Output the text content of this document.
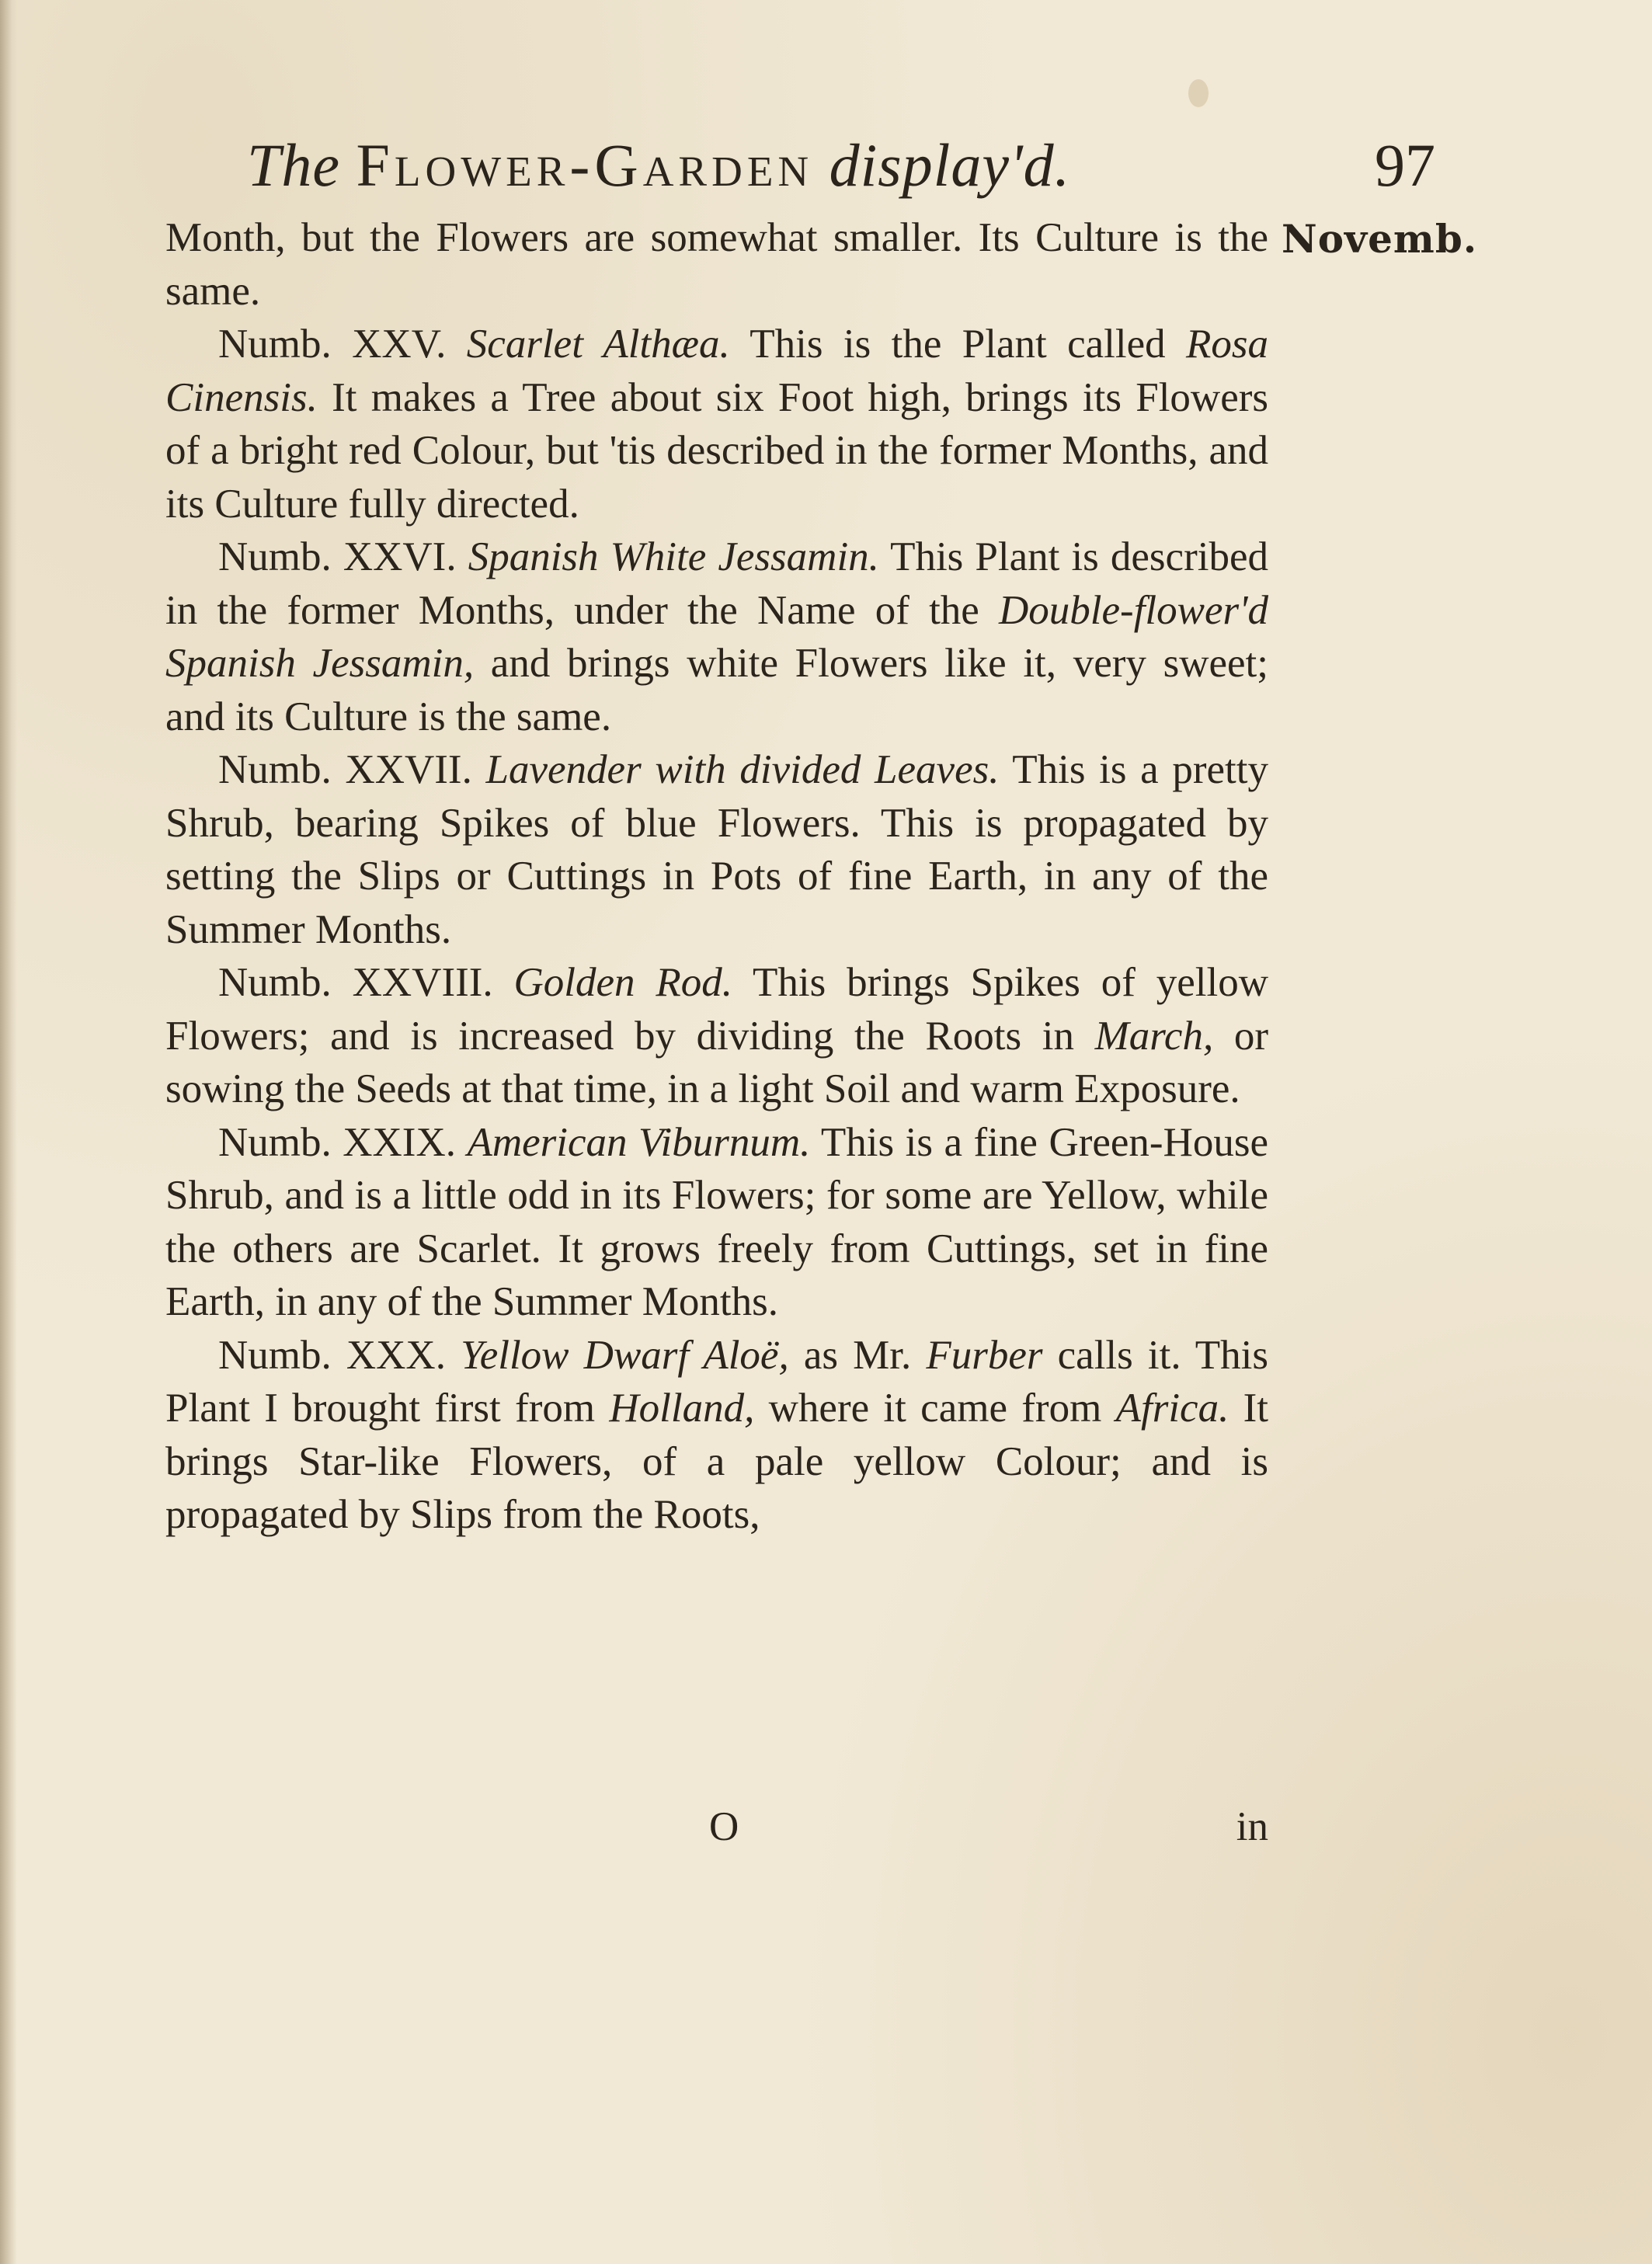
The Flower-Garden display'd.	97
Novemb.

Month, but the Flowers are somewhat smaller. Its Culture is the same.

Numb. XXV. Scarlet Althæa. This is the Plant called Rosa Cinensis. It makes a Tree about six Foot high, brings its Flowers of a bright red Colour, but 'tis described in the former Months, and its Culture fully directed.

Numb. XXVI. Spanish White Jessamin. This Plant is described in the former Months, under the Name of the Double-flower'd Spanish Jessamin, and brings white Flowers like it, very sweet; and its Culture is the same.

Numb. XXVII. Lavender with divided Leaves. This is a pretty Shrub, bearing Spikes of blue Flowers. This is propagated by setting the Slips or Cuttings in Pots of fine Earth, in any of the Summer Months.

Numb. XXVIII. Golden Rod. This brings Spikes of yellow Flowers; and is increased by dividing the Roots in March, or sowing the Seeds at that time, in a light Soil and warm Exposure.

Numb. XXIX. American Viburnum. This is a fine Green-House Shrub, and is a little odd in its Flowers; for some are Yellow, while the others are Scarlet. It grows freely from Cuttings, set in fine Earth, in any of the Summer Months.

Numb. XXX. Yellow Dwarf Aloë, as Mr. Furber calls it. This Plant I brought first from Holland, where it came from Africa. It brings Star-like Flowers, of a pale yellow Colour; and is propagated by Slips from the Roots,

O	in
